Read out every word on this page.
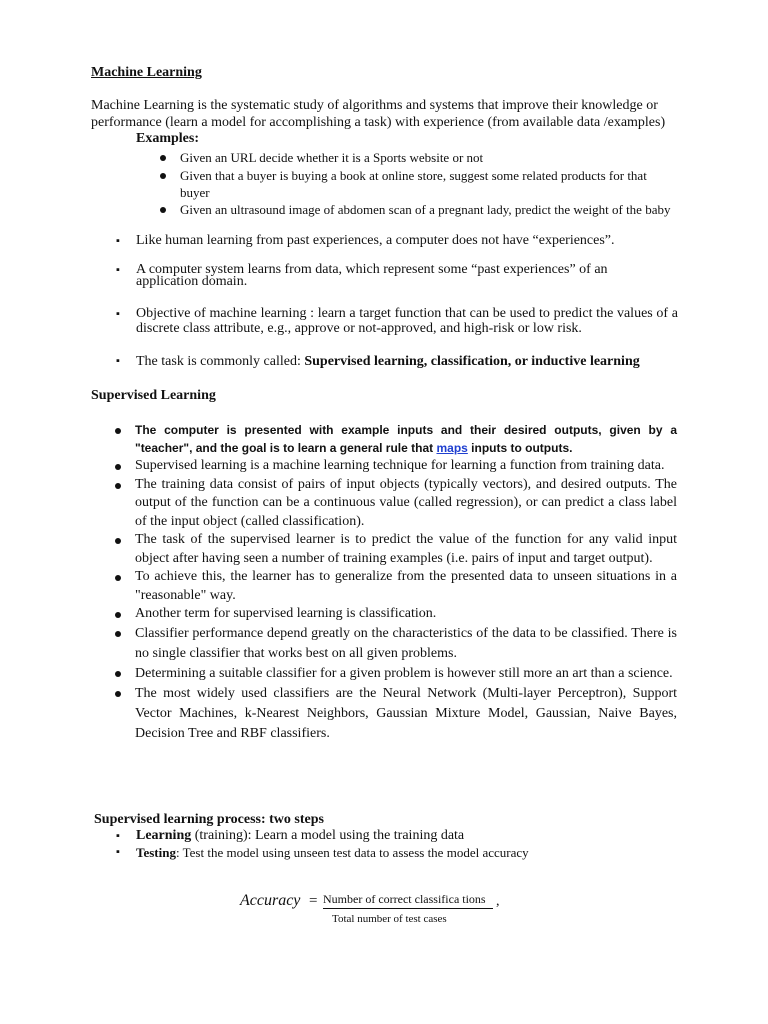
Machine Learning

Machine Learning is the systematic study of algorithms and systems that improve their knowledge or performance (learn a model for accomplishing a task) with experience (from available data /examples)

Examples:

Given an URL decide whether it is a Sports website or not
Given that a buyer is buying a book at online store, suggest some related products for that buyer
Given an ultrasound image of abdomen scan of a pregnant lady, predict the weight of the baby
▪ Like human learning from past experiences, a computer does not have “experiences”.
▪ A computer system learns from data, which represent some “past experiences” of an application domain.
▪ Objective of machine learning : learn a target function that can be used to predict the values of a discrete class attribute, e.g., approve or not-approved, and high-risk or low risk.
▪ The task is commonly called: Supervised learning, classification, or inductive learning

Supervised Learning

The computer is presented with example inputs and their desired outputs, given by a "teacher", and the goal is to learn a general rule that maps inputs to outputs.
Supervised learning is a machine learning technique for learning a function from training data.
The training data consist of pairs of input objects (typically vectors), and desired outputs. The output of the function can be a continuous value (called regression), or can predict a class label of the input object (called classification).
The task of the supervised learner is to predict the value of the function for any valid input object after having seen a number of training examples (i.e. pairs of input and target output).
To achieve this, the learner has to generalize from the presented data to unseen situations in a "reasonable" way.
Another term for supervised learning is classification.
Classifier performance depend greatly on the characteristics of the data to be classified. There is no single classifier that works best on all given problems.
Determining a suitable classifier for a given problem is however still more an art than a science.
The most widely used classifiers are the Neural Network (Multi-layer Perceptron), Support Vector Machines, k-Nearest Neighbors, Gaussian Mixture Model, Gaussian, Naive Bayes, Decision Tree and RBF classifiers.

Supervised learning process: two steps

▪ Learning (training): Learn a model using the training data
▪ Testing: Test the model using unseen test data to assess the model accuracy
Accuracy = Number of correct classifica tions ,
Total number of test cases
